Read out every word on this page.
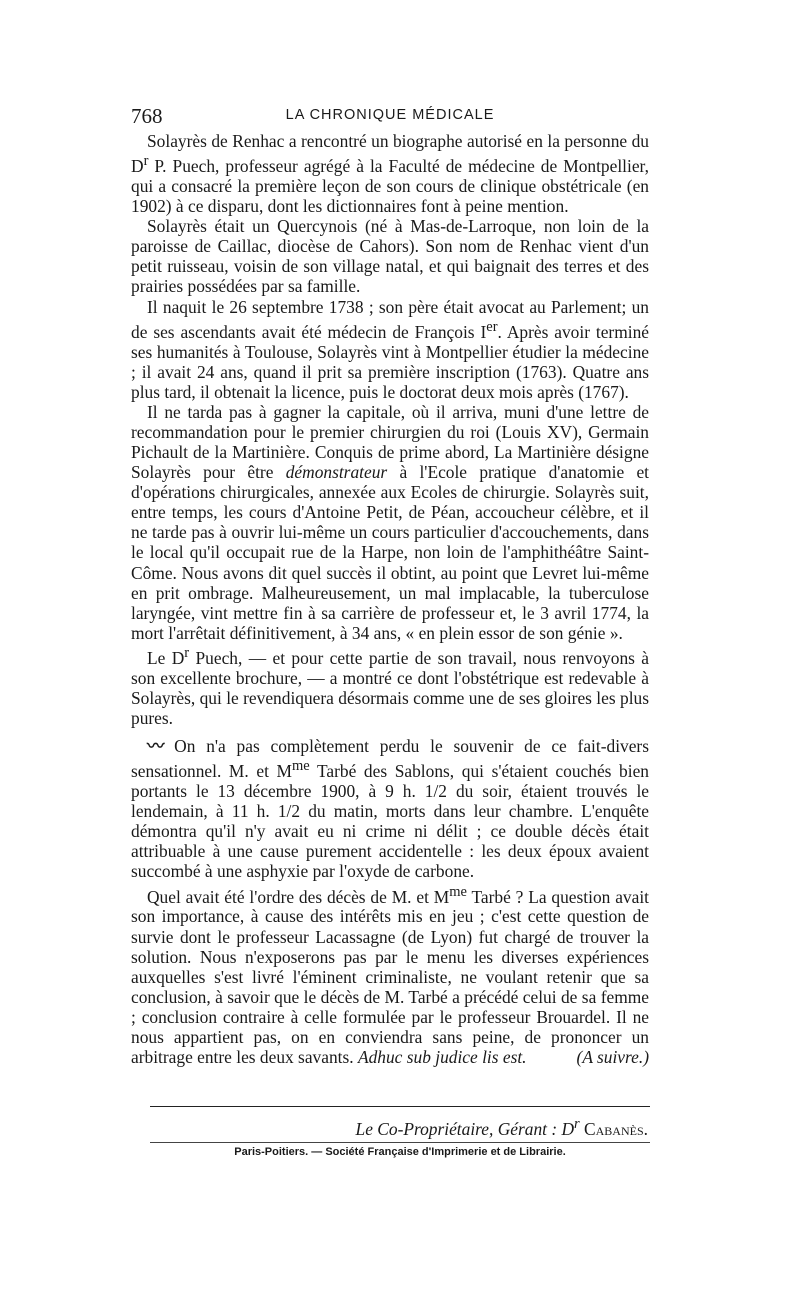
768	LA CHRONIQUE MÉDICALE

Solayrès de Renhac a rencontré un biographe autorisé en la personne du $D^r$ P. Puech, professeur agrégé à la Faculté de médecine de Montpellier, qui a consacré la première leçon de son cours de clinique obstétricale (en 1902) à ce disparu, dont les dictionnaires font à peine mention.

Solayrès était un Quercynois (né à Mas-de-Larroque, non loin de la paroisse de Caillac, diocèse de Cahors). Son nom de Renhac vient d'un petit ruisseau, voisin de son village natal, et qui baignait des terres et des prairies possédées par sa famille.

Il naquit le 26 septembre 1738 ; son père était avocat au Parlement; un de ses ascendants avait été médecin de François Ier. Après avoir terminé ses humanités à Toulouse, Solayrès vint à Montpellier étudier la médecine ; il avait 24 ans, quand il prit sa première inscription (1763). Quatre ans plus tard, il obtenait la licence, puis le doctorat deux mois après (1767).

Il ne tarda pas à gagner la capitale, où il arriva, muni d'une lettre de recommandation pour le premier chirurgien du roi (Louis XV), Germain Pichault de la Martinière. Conquis de prime abord, La Martinière désigne Solayrès pour être démonstrateur à l'Ecole pratique d'anatomie et d'opérations chirurgicales, annexée aux Ecoles de chirurgie. Solayrès suit, entre temps, les cours d'Antoine Petit, de Péan, accoucheur célèbre, et il ne tarde pas à ouvrir lui-même un cours particulier d'accouchements, dans le local qu'il occupait rue de la Harpe, non loin de l'amphithéâtre Saint-Côme. Nous avons dit quel succès il obtint, au point que Levret lui-même en prit ombrage. Malheureusement, un mal implacable, la tuberculose laryngée, vint mettre fin à sa carrière de professeur et, le 3 avril 1774, la mort l'arrêtait définitivement, à 34 ans, « en plein essor de son génie ».

Le $D^r$ Puech, — et pour cette partie de son travail, nous renvoyons à son excellente brochure, — a montré ce dont l'obstétrique est redevable à Solayrès, qui le revendiquera désormais comme une de ses gloires les plus pures.

〰 On n'a pas complètement perdu le souvenir de ce fait-divers sensationnel. M. et $M^{me}$ Tarbé des Sablons, qui s'étaient couchés bien portants le 13 décembre 1900, à 9 h. 1/2 du soir, étaient trouvés le lendemain, à 11 h. 1/2 du matin, morts dans leur chambre. L'enquête démontra qu'il n'y avait eu ni crime ni délit ; ce double décès était attribuable à une cause purement accidentelle : les deux époux avaient succombé à une asphyxie par l'oxyde de carbone.

Quel avait été l'ordre des décès de M. et $M^{me}$ Tarbé ? La question avait son importance, à cause des intérêts mis en jeu ; c'est cette question de survie dont le professeur Lacassagne (de Lyon) fut chargé de trouver la solution. Nous n'exposerons pas par le menu les diverses expériences auxquelles s'est livré l'éminent criminaliste, ne voulant retenir que sa conclusion, à savoir que le décès de M. Tarbé a précédé celui de sa femme ; conclusion contraire à celle formulée par le professeur Brouardel. Il ne nous appartient pas, on en conviendra sans peine, de prononcer un arbitrage entre les deux savants. Adhuc sub judice lis est.	(A suivre.)

Le Co-Propriétaire, Gérant : $D^r$ Cabanès.
Paris-Poitiers. — Société Française d'Imprimerie et de Librairie.
